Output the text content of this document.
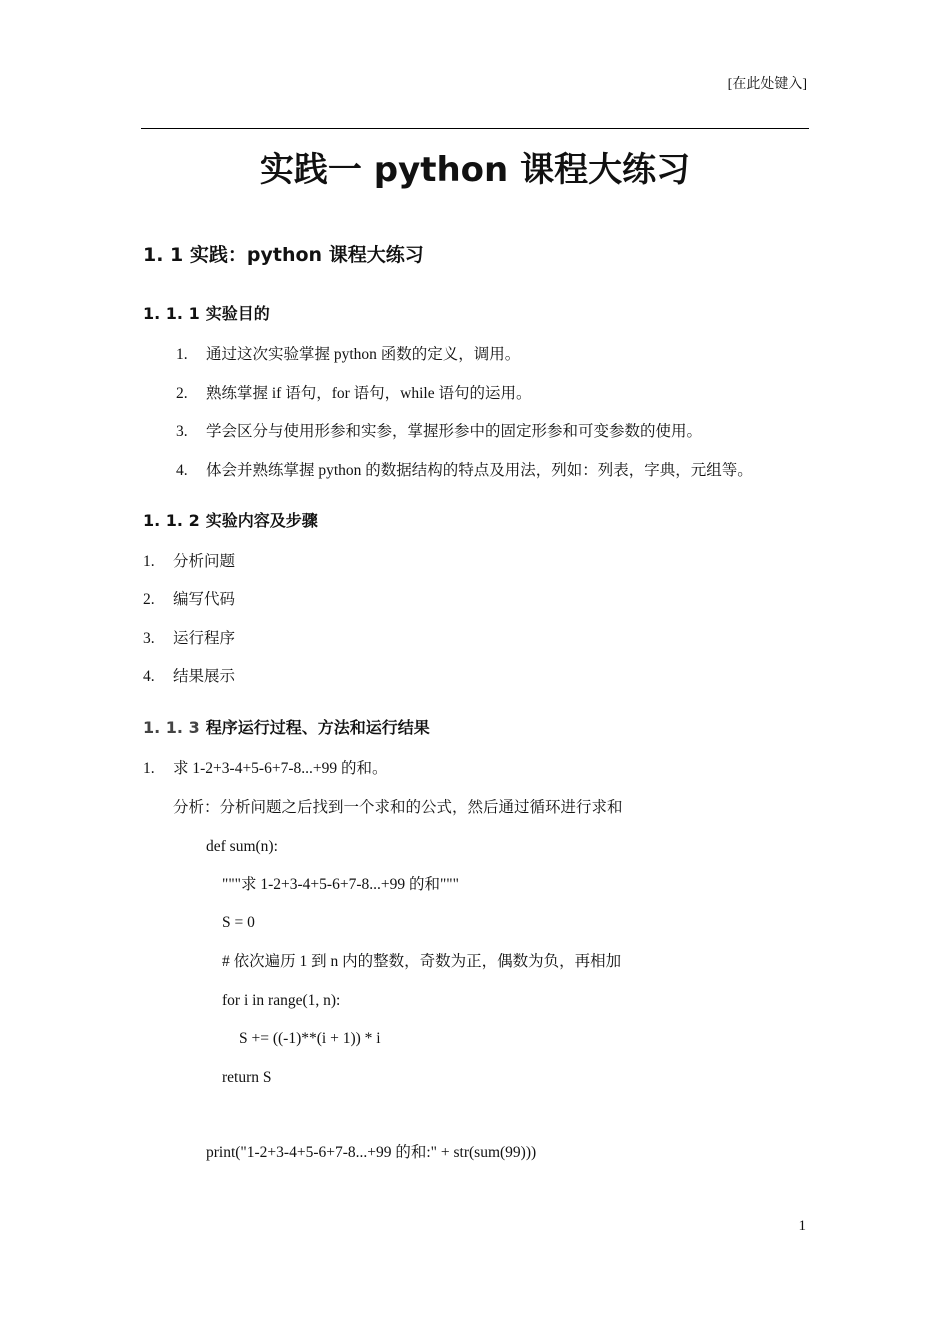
[在此处键入]
实践一 python 课程大练习
1. 1 实践：python 课程大练习
1. 1. 1 实验目的
1. 通过这次实验掌握 python 函数的定义，调用。
2. 熟练掌握 if 语句，for 语句，while 语句的运用。
3. 学会区分与使用形参和实参，掌握形参中的固定形参和可变参数的使用。
4. 体会并熟练掌握 python 的数据结构的特点及用法，列如：列表，字典，元组等。
1. 1. 2 实验内容及步骤
1. 分析问题
2. 编写代码
3. 运行程序
4. 结果展示
1. 1. 3 程序运行过程、方法和运行结果
1. 求 1-2+3-4+5-6+7-8...+99 的和。
分析：分析问题之后找到一个求和的公式，然后通过循环进行求和
def sum(n):
"""求 1-2+3-4+5-6+7-8...+99 的和"""
S = 0
# 依次遍历 1 到 n 内的整数，奇数为正，偶数为负，再相加
for i in range(1, n):
S += ((-1)**(i + 1)) * i
return S
print("1-2+3-4+5-6+7-8...+99 的和:" + str(sum(99)))
1
